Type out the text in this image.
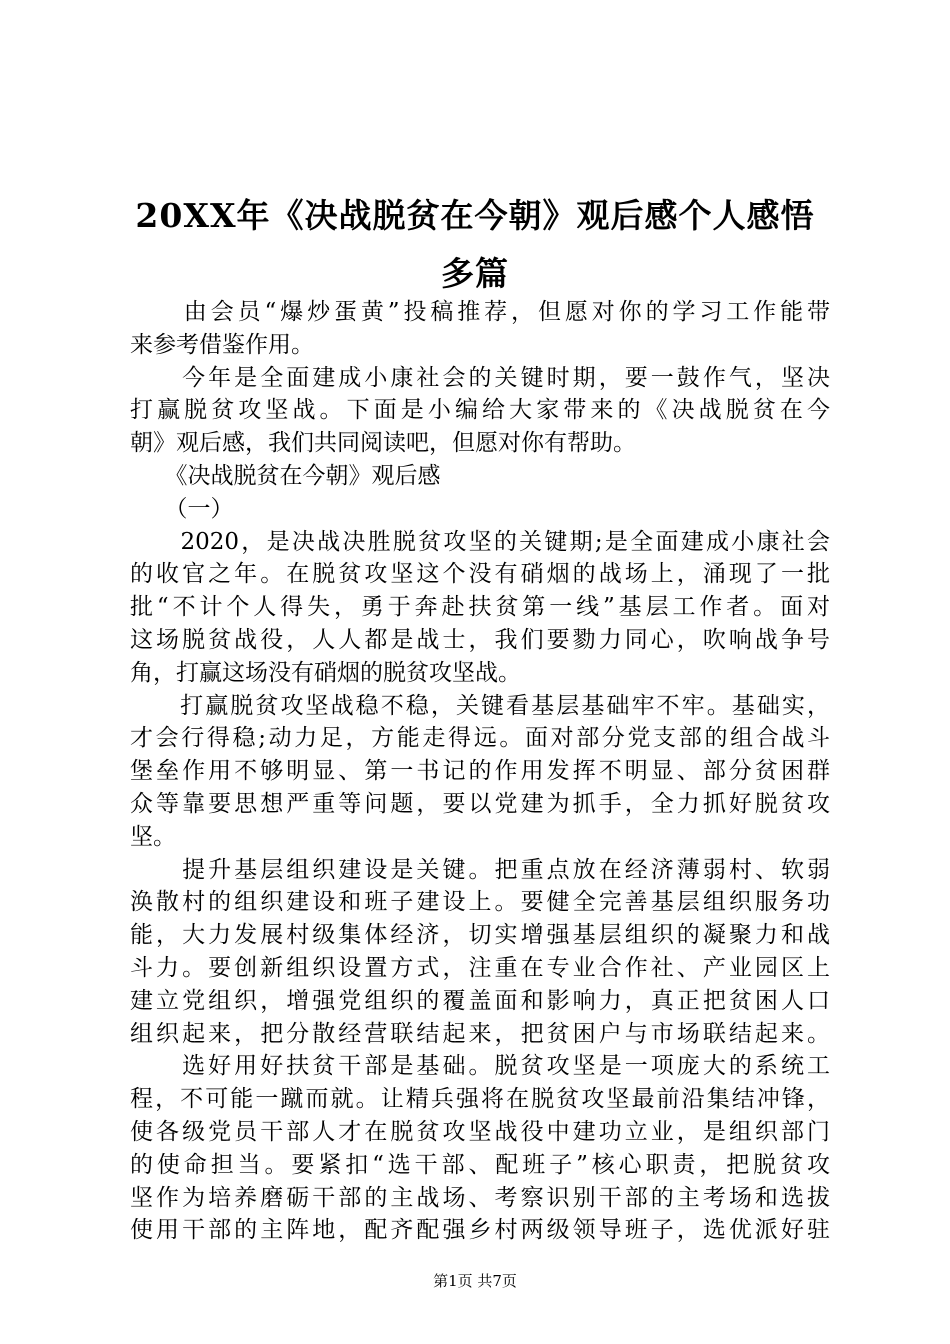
20XX年《决战脱贫在今朝》观后感个人感悟
多篇
　　由会员“爆炒蛋黄”投稿推荐，但愿对你的学习工作能带
来参考借鉴作用。
　　今年是全面建成小康社会的关键时期，要一鼓作气，坚决
打赢脱贫攻坚战。下面是小编给大家带来的《决战脱贫在今
朝》观后感，我们共同阅读吧，但愿对你有帮助。
　　《决战脱贫在今朝》观后感
　　（一）
　　2020，是决战决胜脱贫攻坚的关键期;是全面建成小康社会
的收官之年。在脱贫攻坚这个没有硝烟的战场上，涌现了一批
批“不计个人得失，勇于奔赴扶贫第一线”基层工作者。面对
这场脱贫战役，人人都是战士，我们要勠力同心，吹响战争号
角，打赢这场没有硝烟的脱贫攻坚战。
　　打赢脱贫攻坚战稳不稳，关键看基层基础牢不牢。基础实，
才会行得稳;动力足，方能走得远。面对部分党支部的组合战斗
堡垒作用不够明显、第一书记的作用发挥不明显、部分贫困群
众等靠要思想严重等问题，要以党建为抓手，全力抓好脱贫攻
坚。
　　提升基层组织建设是关键。把重点放在经济薄弱村、软弱
涣散村的组织建设和班子建设上。要健全完善基层组织服务功
能，大力发展村级集体经济，切实增强基层组织的凝聚力和战
斗力。要创新组织设置方式，注重在专业合作社、产业园区上
建立党组织，增强党组织的覆盖面和影响力，真正把贫困人口
组织起来，把分散经营联结起来，把贫困户与市场联结起来。
　　选好用好扶贫干部是基础。脱贫攻坚是一项庞大的系统工
程，不可能一蹴而就。让精兵强将在脱贫攻坚最前沿集结冲锋，
使各级党员干部人才在脱贫攻坚战役中建功立业，是组织部门
的使命担当。要紧扣“选干部、配班子”核心职责，把脱贫攻
坚作为培养磨砺干部的主战场、考察识别干部的主考场和选拔
使用干部的主阵地，配齐配强乡村两级领导班子，选优派好驻
第1页 共7页
